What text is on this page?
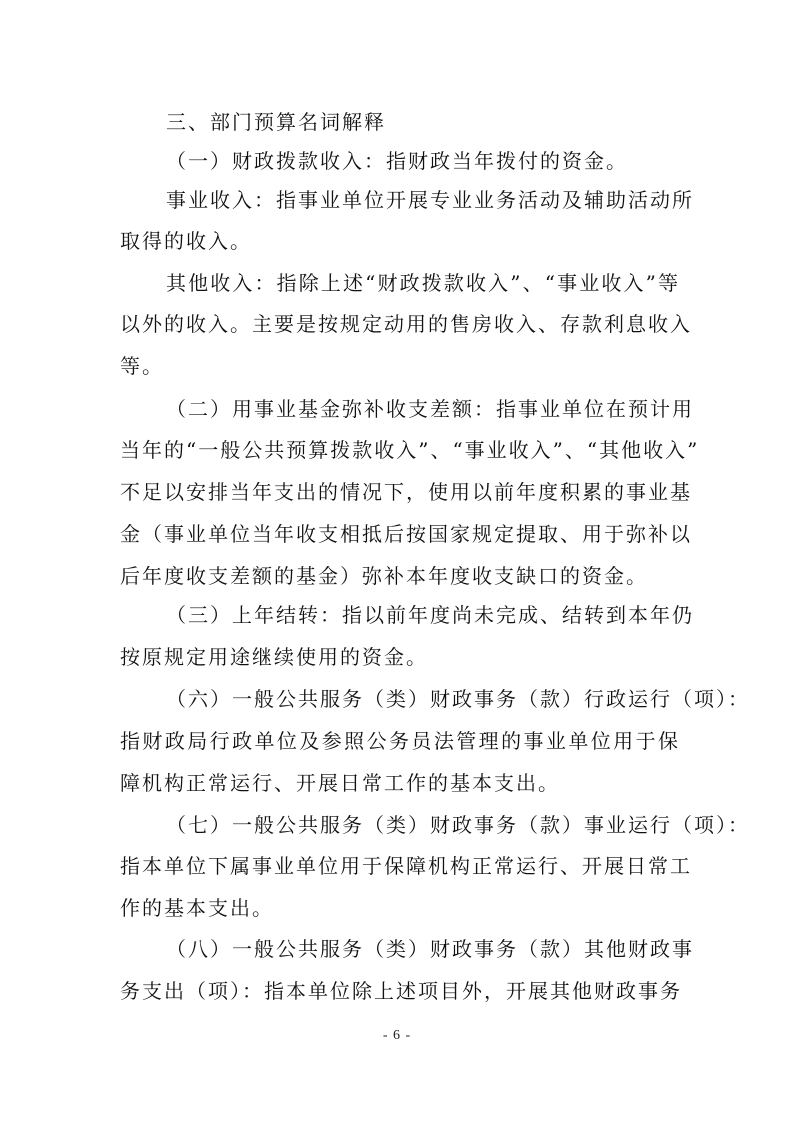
三、部门预算名词解释
（一）财政拨款收入：指财政当年拨付的资金。
事业收入：指事业单位开展专业业务活动及辅助活动所
取得的收入。
其他收入：指除上述“财政拨款收入”、“事业收入”等
以外的收入。主要是按规定动用的售房收入、存款利息收入
等。
（二）用事业基金弥补收支差额：指事业单位在预计用
当年的“一般公共预算拨款收入”、“事业收入”、“其他收入”
不足以安排当年支出的情况下，使用以前年度积累的事业基
金（事业单位当年收支相抵后按国家规定提取、用于弥补以
后年度收支差额的基金）弥补本年度收支缺口的资金。
（三）上年结转：指以前年度尚未完成、结转到本年仍
按原规定用途继续使用的资金。
（六）一般公共服务（类）财政事务（款）行政运行（项）：
指财政局行政单位及参照公务员法管理的事业单位用于保
障机构正常运行、开展日常工作的基本支出。
（七）一般公共服务（类）财政事务（款）事业运行（项）：
指本单位下属事业单位用于保障机构正常运行、开展日常工
作的基本支出。
（八）一般公共服务（类）财政事务（款）其他财政事
务支出（项）：指本单位除上述项目外，开展其他财政事务
- 6 -
